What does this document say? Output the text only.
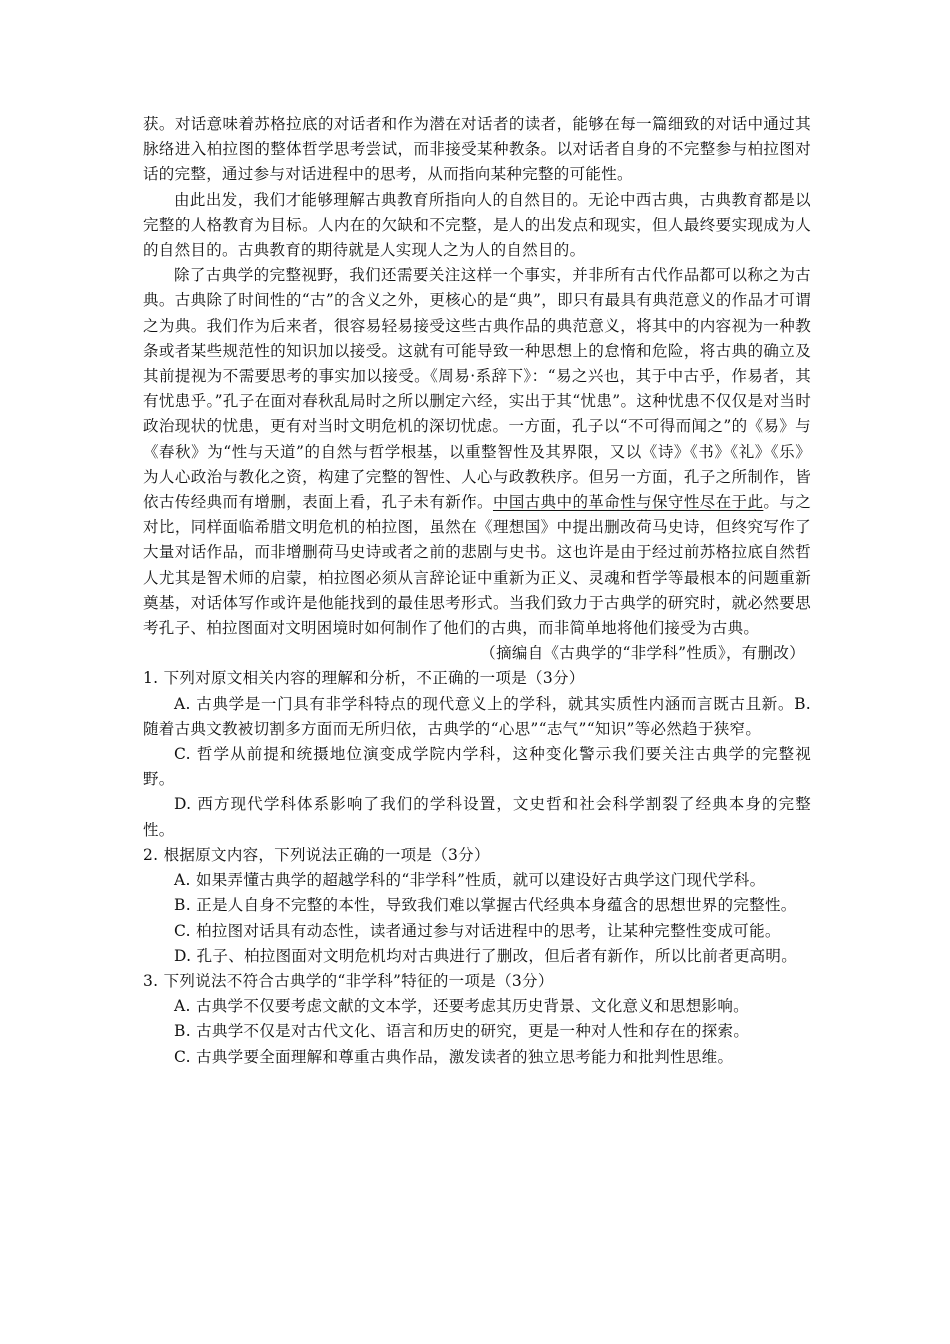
获。对话意味着苏格拉底的对话者和作为潜在对话者的读者，能够在每一篇细致的对话中通过其脉络进入柏拉图的整体哲学思考尝试，而非接受某种教条。以对话者自身的不完整参与柏拉图对话的完整，通过参与对话进程中的思考，从而指向某种完整的可能性。

由此出发，我们才能够理解古典教育所指向人的自然目的。无论中西古典，古典教育都是以完整的人格教育为目标。人内在的欠缺和不完整，是人的出发点和现实，但人最终要实现成为人的自然目的。古典教育的期待就是人实现人之为人的自然目的。

除了古典学的完整视野，我们还需要关注这样一个事实，并非所有古代作品都可以称之为古典。古典除了时间性的“古”的含义之外，更核心的是“典”，即只有最具有典范意义的作品才可谓之为典。我们作为后来者，很容易轻易接受这些古典作品的典范意义，将其中的内容视为一种教条或者某些规范性的知识加以接受。这就有可能导致一种思想上的怠惰和危险，将古典的确立及其前提视为不需要思考的事实加以接受。《周易·系辞下》：“易之兴也，其于中古乎，作易者，其有忧患乎。”孔子在面对春秋乱局时之所以删定六经，实出于其“忧患”。这种忧患不仅仅是对当时政治现状的忧患，更有对当时文明危机的深切忧虑。一方面，孔子以“不可得而闻之”的《易》与《春秋》为“性与天道”的自然与哲学根基，以重整智性及其界限，又以《诗》《书》《礼》《乐》为人心政治与教化之资，构建了完整的智性、人心与政教秩序。但另一方面，孔子之所制作，皆依古传经典而有增删，表面上看，孔子未有新作。中国古典中的革命性与保守性尽在于此。与之对比，同样面临希腊文明危机的柏拉图，虽然在《理想国》中提出删改荷马史诗，但终究写作了大量对话作品，而非增删荷马史诗或者之前的悲剧与史书。这也许是由于经过前苏格拉底自然哲人尤其是智术师的启蒙，柏拉图必须从言辞论证中重新为正义、灵魂和哲学等最根本的问题重新奠基，对话体写作或许是他能找到的最佳思考形式。当我们致力于古典学的研究时，就必然要思考孔子、柏拉图面对文明困境时如何制作了他们的古典，而非简单地将他们接受为古典。

（摘编自《古典学的“非学科”性质》，有删改）

1. 下列对原文相关内容的理解和分析，不正确的一项是（3分）

A. 古典学是一门具有非学科特点的现代意义上的学科，就其实质性内涵而言既古且新。B. 随着古典文教被切割多方面而无所归依，古典学的“心思”“志气”“知识”等必然趋于狭窄。

C. 哲学从前提和统摄地位演变成学院内学科，这种变化警示我们要关注古典学的完整视野。

D. 西方现代学科体系影响了我们的学科设置，文史哲和社会科学割裂了经典本身的完整性。

2. 根据原文内容，下列说法正确的一项是（3分）

A. 如果弄懂古典学的超越学科的“非学科”性质，就可以建设好古典学这门现代学科。

B. 正是人自身不完整的本性，导致我们难以掌握古代经典本身蕴含的思想世界的完整性。

C. 柏拉图对话具有动态性，读者通过参与对话进程中的思考，让某种完整性变成可能。

D. 孔子、柏拉图面对文明危机均对古典进行了删改，但后者有新作，所以比前者更高明。

3. 下列说法不符合古典学的“非学科”特征的一项是（3分）

A. 古典学不仅要考虑文献的文本学，还要考虑其历史背景、文化意义和思想影响。

B. 古典学不仅是对古代文化、语言和历史的研究，更是一种对人性和存在的探索。

C. 古典学要全面理解和尊重古典作品，激发读者的独立思考能力和批判性思维。
